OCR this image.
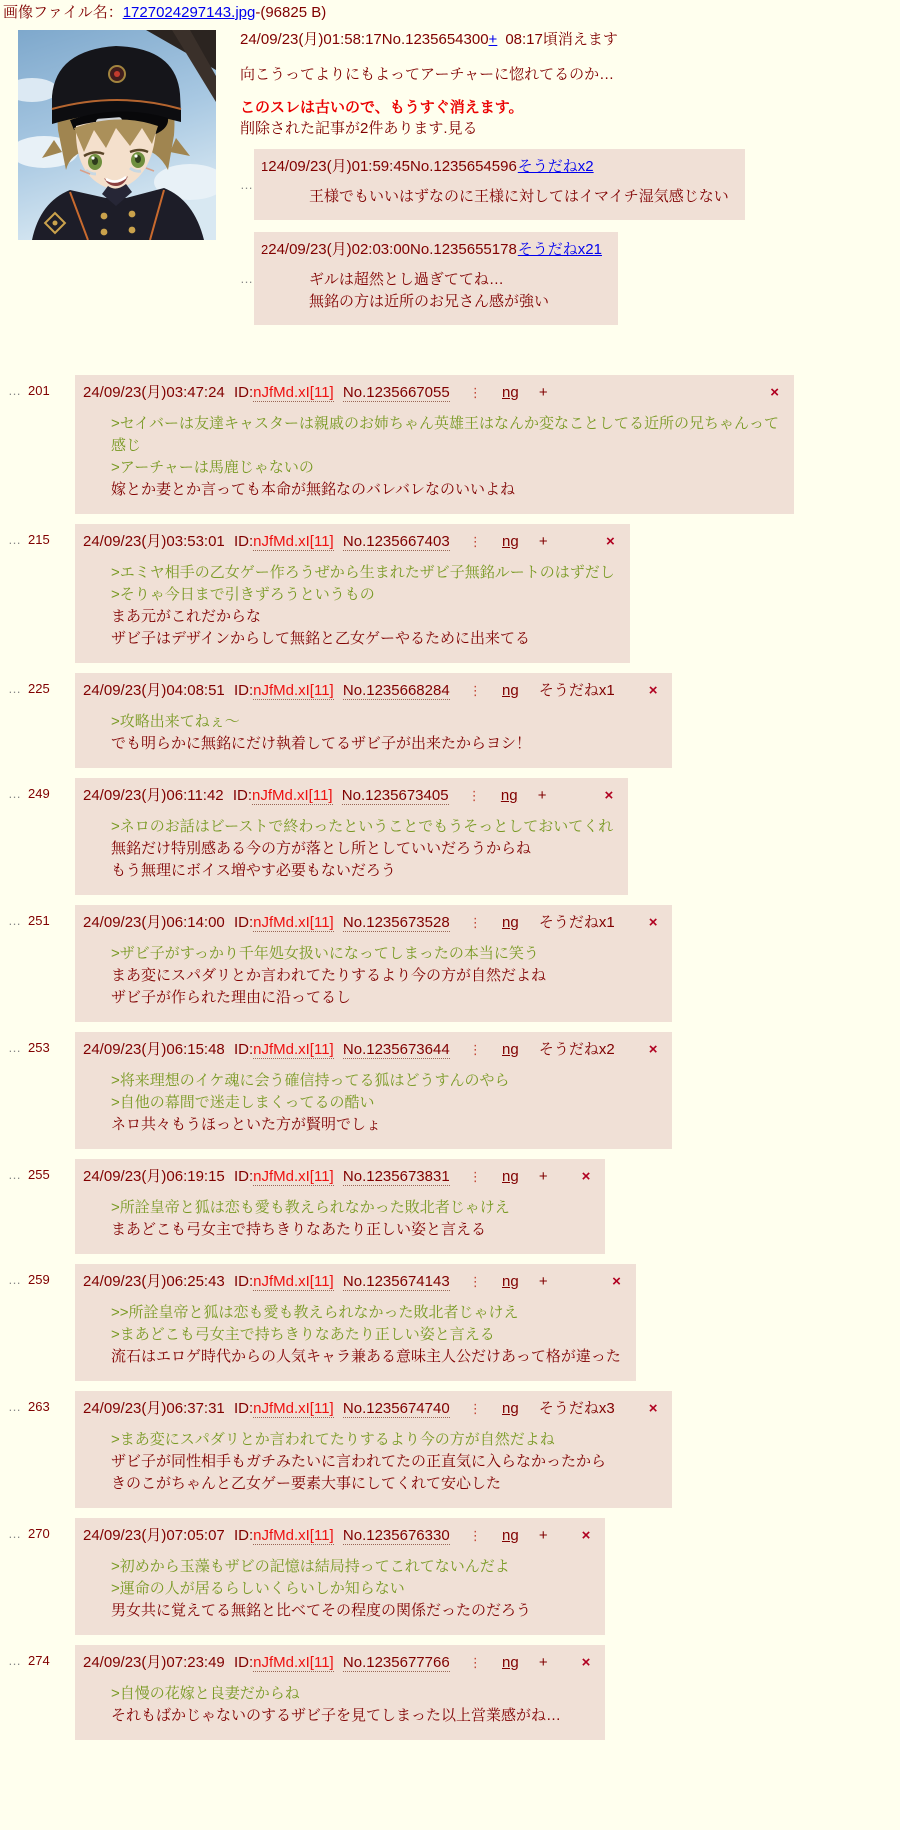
画像ファイル名：1727024297143.jpg-(96825 B)
24/09/23(月)01:58:17No.1235654300+ 08:17頃消えます
向こうってよりにもよってアーチャーに惚れてるのか…
このスレは古いので、もうすぐ消えます。
削除された記事が2件あります.見る
…
124/09/23(月)01:59:45No.1235654596そうだねx2
王様でもいいはずなのに王様に対してはイマイチ湿気感じない
…
224/09/23(月)02:03:00No.1235655178そうだねx21
ギルは超然とし過ぎててね…
無銘の方は近所のお兄さん感が強い
… 201	×
24/09/23(月)03:47:24 ID:nJfMd.xI[11] No.1235667055 ⋮ ng +
>セイバーは友達キャスターは親戚のお姉ちゃん英雄王はなんか変なことしてる近所の兄ちゃんって
感じ
>アーチャーは馬鹿じゃないの
嫁とか妻とか言っても本命が無銘なのバレバレなのいいよね
… 215	×
24/09/23(月)03:53:01 ID:nJfMd.xI[11] No.1235667403 ⋮ ng +
>エミヤ相手の乙女ゲー作ろうぜから生まれたザビ子無銘ルートのはずだし
>そりゃ今日まで引きずろうというもの
まあ元がこれだからな
ザビ子はデザインからして無銘と乙女ゲーやるために出来てる
… 225	×
24/09/23(月)04:08:51 ID:nJfMd.xI[11] No.1235668284 ⋮ ng そうだねx1
>攻略出来てねぇ～
でも明らかに無銘にだけ執着してるザビ子が出来たからヨシ！
… 249	×
24/09/23(月)06:11:42 ID:nJfMd.xI[11] No.1235673405 ⋮ ng +
>ネロのお話はビーストで終わったということでもうそっとしておいてくれ
無銘だけ特別感ある今の方が落とし所としていいだろうからね
もう無理にボイス増やす必要もないだろう
… 251	×
24/09/23(月)06:14:00 ID:nJfMd.xI[11] No.1235673528 ⋮ ng そうだねx1
>ザビ子がすっかり千年処女扱いになってしまったの本当に笑う
まあ変にスパダリとか言われてたりするより今の方が自然だよね
ザビ子が作られた理由に沿ってるし
… 253	×
24/09/23(月)06:15:48 ID:nJfMd.xI[11] No.1235673644 ⋮ ng そうだねx2
>将来理想のイケ魂に会う確信持ってる狐はどうすんのやら
>自他の幕間で迷走しまくってるの酷い
ネロ共々もうほっといた方が賢明でしょ
… 255	×
24/09/23(月)06:19:15 ID:nJfMd.xI[11] No.1235673831 ⋮ ng +
>所詮皇帝と狐は恋も愛も教えられなかった敗北者じゃけえ
まあどこも弓女主で持ちきりなあたり正しい姿と言える
… 259	×
24/09/23(月)06:25:43 ID:nJfMd.xI[11] No.1235674143 ⋮ ng +
>>所詮皇帝と狐は恋も愛も教えられなかった敗北者じゃけえ
>まあどこも弓女主で持ちきりなあたり正しい姿と言える
流石はエロゲ時代からの人気キャラ兼ある意味主人公だけあって格が違った
… 263	×
24/09/23(月)06:37:31 ID:nJfMd.xI[11] No.1235674740 ⋮ ng そうだねx3
>まあ変にスパダリとか言われてたりするより今の方が自然だよね
ザビ子が同性相手もガチみたいに言われてたの正直気に入らなかったから
きのこがちゃんと乙女ゲー要素大事にしてくれて安心した
… 270	×
24/09/23(月)07:05:07 ID:nJfMd.xI[11] No.1235676330 ⋮ ng +
>初めから玉藻もザビの記憶は結局持ってこれてないんだよ
>運命の人が居るらしいくらいしか知らない
男女共に覚えてる無銘と比べてその程度の関係だったのだろう
… 274	×
24/09/23(月)07:23:49 ID:nJfMd.xI[11] No.1235677766 ⋮ ng +
>自慢の花嫁と良妻だからね
それもばかじゃないのするザビ子を見てしまった以上営業感がね…
